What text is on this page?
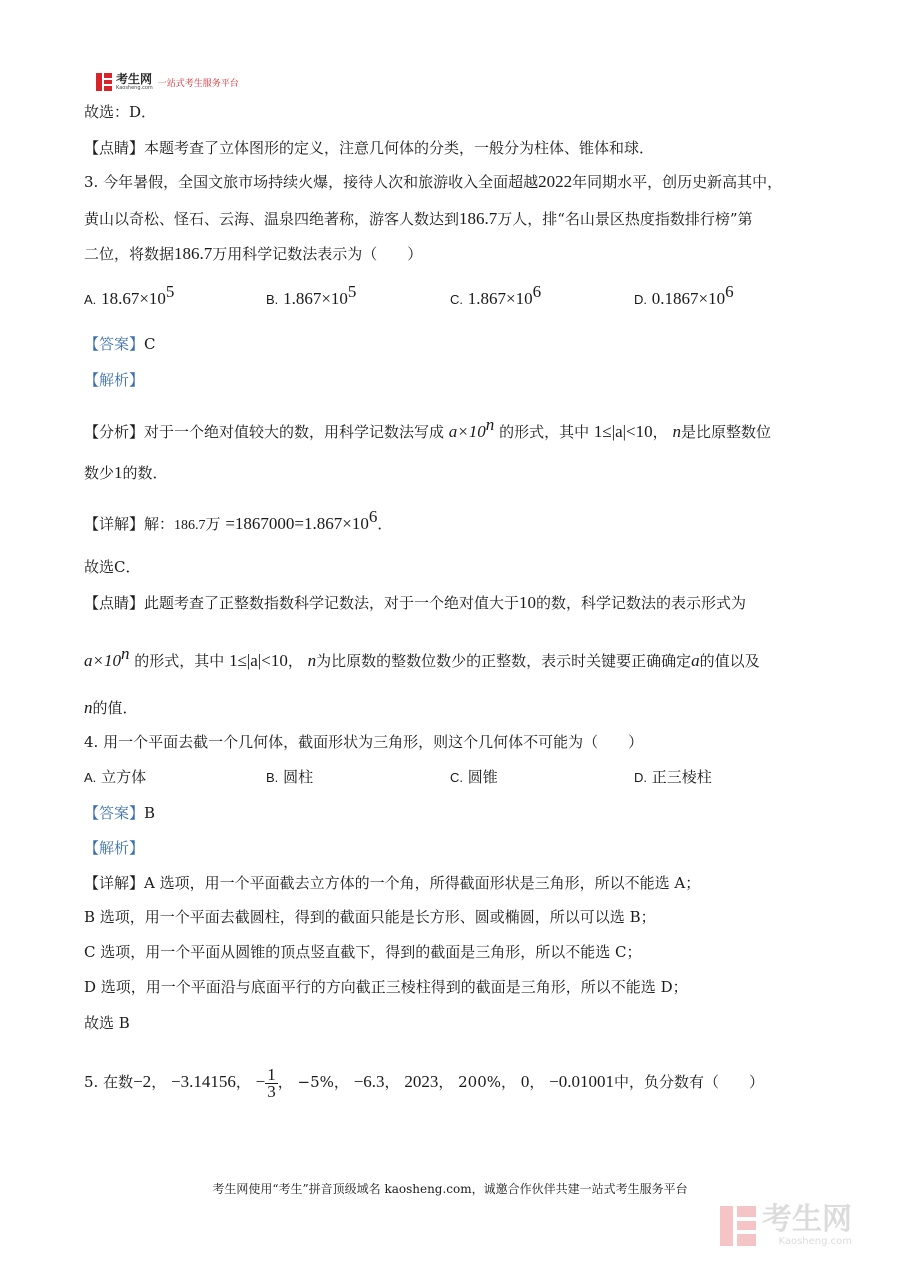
考生网
Kaosheng.com 一站式考生服务平台
故选：D．
【点睛】本题考查了立体图形的定义，注意几何体的分类，一般分为柱体、锥体和球．
3. 今年暑假，全国文旅市场持续火爆，接待人次和旅游收入全面超越2022年同期水平，创历史新高其中，
黄山以奇松、怪石、云海、温泉四绝著称，游客人数达到186.7万人，排“名山景区热度指数排行榜”第
二位，将数据186.7万用科学记数法表示为（　　）
A. $18.67\times 10^5$	B. $1.867\times 10^5$	C. $1.867\times 10^6$	D. $0.1867\times 10^6$
【答案】C
【解析】
【分析】对于一个绝对值较大的数，用科学记数法写成 $a\times 10^n$ 的形式，其中 1≤|a|<10， n是比原整数位
数少1的数．
【详解】解：186.7万 $=1867000=1.867\times 10^6$．
故选C．
【点睛】此题考查了正整数指数科学记数法，对于一个绝对值大于10的数，科学记数法的表示形式为
$a\times 10^n$ 的形式，其中 1≤|a|<10， n为比原数的整数位数少的正整数，表示时关键要正确确定a的值以及
n的值．
4. 用一个平面去截一个几何体，截面形状为三角形，则这个几何体不可能为（　　）
A. 立方体	B. 圆柱	C. 圆锥	D. 正三棱柱
【答案】B
【解析】
【详解】A 选项，用一个平面截去立方体的一个角，所得截面形状是三角形，所以不能选 A；
B 选项，用一个平面去截圆柱，得到的截面只能是长方形、圆或椭圆，所以可以选 B；
C 选项，用一个平面从圆锥的顶点竖直截下，得到的截面是三角形，所以不能选 C；
D 选项，用一个平面沿与底面平行的方向截正三棱柱得到的截面是三角形，所以不能选 D；
故选 B
5. 在数−2， −3.14156， − $\frac{1}{3}$ ， −5%， −6.3， 2023， 200%， 0， −0.01001中，负分数有（　　）
考生网使用“考生”拼音顶级域名 kaosheng.com，诚邀合作伙伴共建一站式考生服务平台
考生网
Kaosheng.com
